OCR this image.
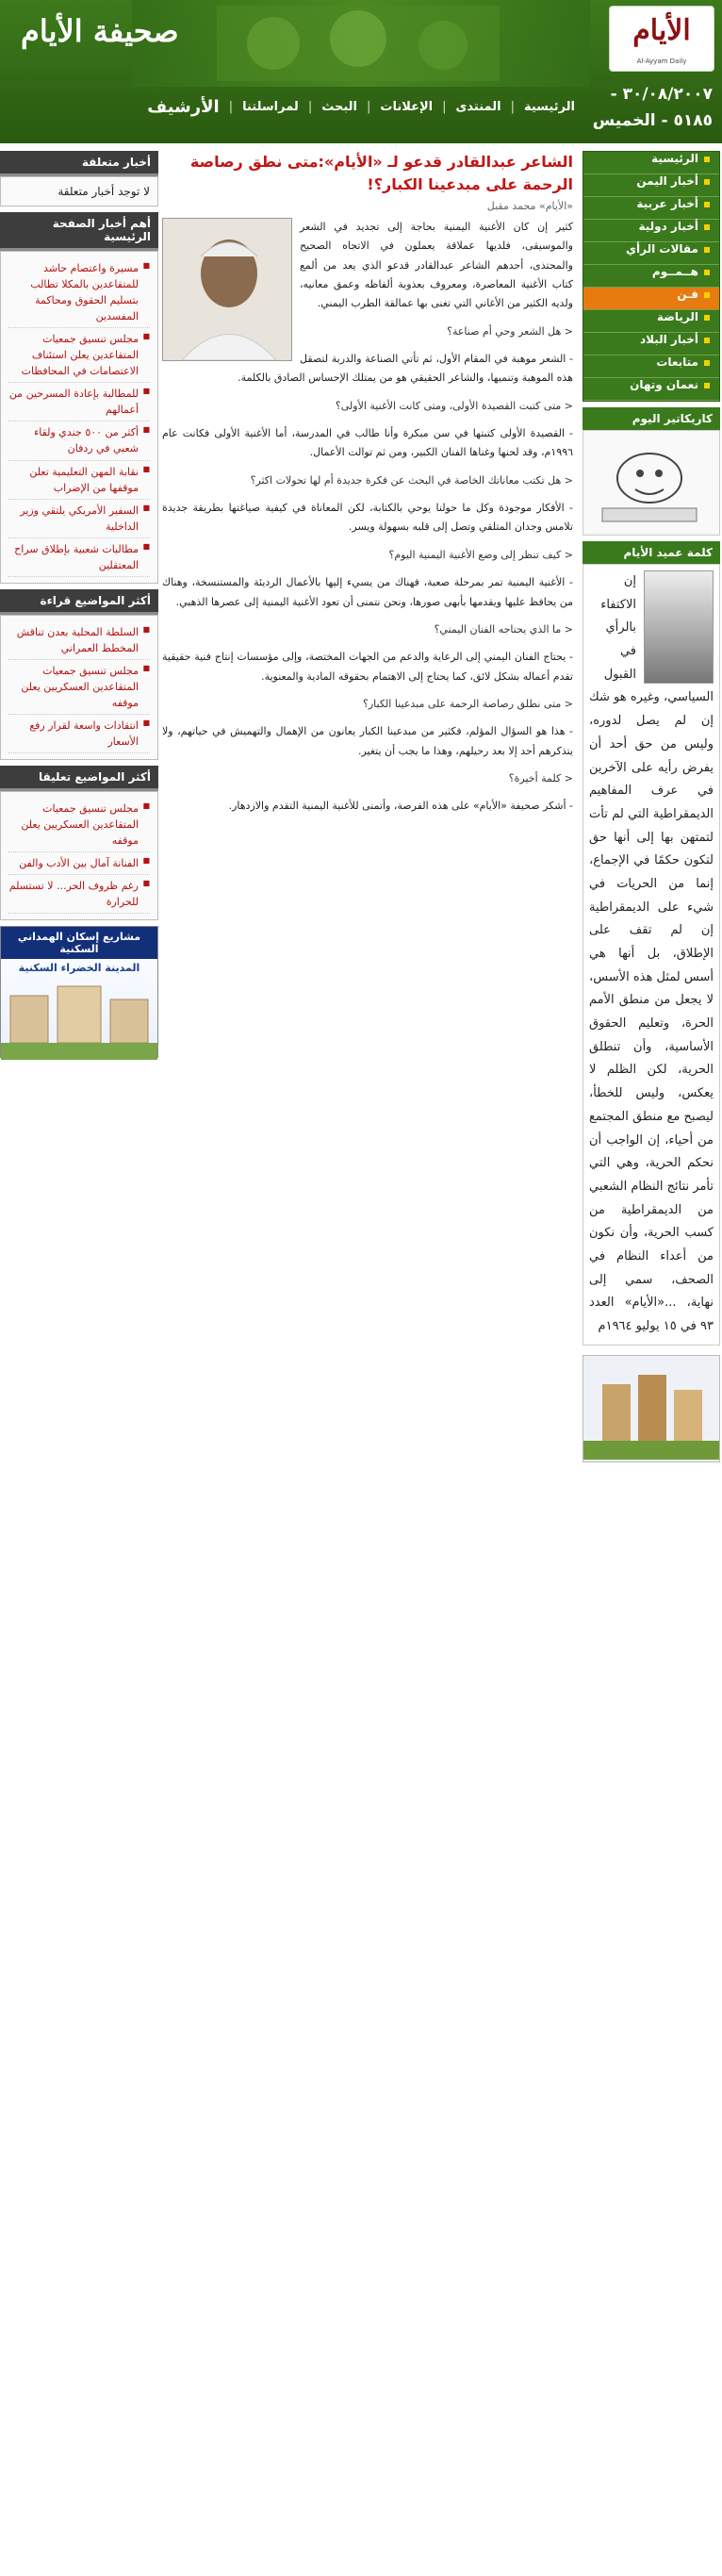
الأيام
Al-Ayyam Daily
صحيفة الأيام
٣٠/٠٨/٢٠٠٧ -
٥١٨٥ - الخميس
الرئيسية
|
المنتدى
|
الإعلانات
|
البحث
|
لمراسلتنا
|
الأرشيف
الرئيسية
أخبار اليمن
أخبار عربية
أخبار دولية
مقالات الرأي
هــمــوم
فـن
الرياضة
أخبار البلاد
متابعات
نعمان وتهان
كاريكاتير اليوم
كلمة عميد الأيام
إن الاكتفاء بالرأي في القبول السياسي، وغيره هو شك إن لم يصل لدوره، وليس من حق أحد أن يفرض رأيه على الآخرين في عرف المفاهيم الديمقراطية التي لم تأت لتمتهن بها إلى أنها حق لتكون حكمًا في الإجماع، إنما من الحريات في شيء على الديمقراطية إن لم تقف على الإطلاق، بل أنها هي أسس لمثل هذه الأسس، لا يجعل من منطق الأمم الحرة، وتعليم الحقوق الأساسية، وأن تنطلق الحرية، لكن الظلم لا يعكس، وليس للخطأ، ليصبح مع منطق المجتمع من أحياء، إن الواجب أن نحكم الحرية، وهي التي تأمر نتائج النظام الشعبي من الديمقراطية من كسب الحرية، وأن نكون من أعداء النظام في الصحف، سمي إلى نهاية، ...«الأيام» العدد ٩٣ في ١٥ يوليو ١٩٦٤م
أخبار متعلقة
لا توجد أخبار متعلقة
أهم أخبار الصفحة الرئيسية
■ مسيرة واعتصام حاشد للمتقاعدين بالمكلا تطالب بتسليم الحقوق ومحاكمة المفسدين
■ مجلس تنسيق جمعيات المتقاعدين يعلن استئناف الاعتصامات في المحافظات
■ للمطالبة بإعادة المسرحين من أعمالهم
■ أكثر من ٥٠٠ جندي ولقاء شعبي في ردفان
■ نقابة المهن التعليمية تعلن موقفها من الإضراب
■ السفير الأمريكي يلتقي وزير الداخلية
■ مطالبات شعبية بإطلاق سراح المعتقلين
أكثر المواضيع قراءة
■ السلطة المحلية بعدن تناقش المخطط العمراني
■ مجلس تنسيق جمعيات المتقاعدين العسكريين يعلن موقفه
■ انتقادات واسعة لقرار رفع الأسعار
أكثر المواضيع تعليقا
■ مجلس تنسيق جمعيات المتقاعدين العسكريين يعلن موقفه
■ الفنانة آمال بين الأدب والفن
■ رغم ظروف الحر... لا تستسلم للحرارة
مشاريع إسكان الهمداني السكنية
المدينة الخضراء السكنية
الشاعر عبدالقادر قدعو لـ «الأيام»:متى نطق رصاصة الرحمة على مبدعينا الكبار؟!
«الأيام» محمد مقبل

كثير إن كان الأغنية اليمنية بحاجة إلى تجديد في الشعر والموسيقى، فلديها عملاقة يعملون في الاتجاه الصحيح والمحتذى، أحدهم الشاعر عبدالقادر قدعو الذي يعد من ألمع كتاب الأغنية المعاصرة، ومعروف بعذوبة ألفاظه وعمق معانيه، ولديه الكثير من الأغاني التي تغنى بها عمالقة الطرب اليمني.

< هل الشعر وحي أم صناعة؟

- الشعر موهبة في المقام الأول، ثم تأتي الصناعة والدربة لتصقل هذه الموهبة وتنميها، والشاعر الحقيقي هو من يمتلك الإحساس الصادق بالكلمة.

< متى كتبت القصيدة الأولى، ومتى كانت الأغنية الأولى؟

- القصيدة الأولى كتبتها في سن مبكرة وأنا طالب في المدرسة، أما الأغنية الأولى فكانت عام ١٩٩٦م، وقد لحنها وغناها الفنان الكبير، ومن ثم توالت الأعمال.

< هل تكتب معاناتك الخاصة في البحث عن فكرة جديدة أم لها تحولات اكثر؟

- الأفكار موجودة وكل ما حولنا يوحي بالكتابة، لكن المعاناة في كيفية صياغتها بطريقة جديدة تلامس وجدان المتلقي وتصل إلى قلبه بسهولة ويسر.

< كيف تنظر إلى وضع الأغنية اليمنية اليوم؟

- الأغنية اليمنية تمر بمرحلة صعبة، فهناك من يسيء إليها بالأعمال الرديئة والمستنسخة، وهناك من يحافظ عليها ويقدمها بأبهى صورها، ونحن نتمنى أن تعود الأغنية اليمنية إلى عصرها الذهبي.

< ما الذي يحتاجه الفنان اليمني؟

- يحتاج الفنان اليمني إلى الرعاية والدعم من الجهات المختصة، وإلى مؤسسات إنتاج فنية حقيقية تقدم أعماله بشكل لائق، كما يحتاج إلى الاهتمام بحقوقه المادية والمعنوية.

< متى نطلق رصاصة الرحمة على مبدعينا الكبار؟

- هذا هو السؤال المؤلم، فكثير من مبدعينا الكبار يعانون من الإهمال والتهميش في حياتهم، ولا يتذكرهم أحد إلا بعد رحيلهم، وهذا ما يجب أن يتغير.

< كلمة أخيرة؟

- أشكر صحيفة «الأيام» على هذه الفرصة، وأتمنى للأغنية اليمنية التقدم والازدهار.
